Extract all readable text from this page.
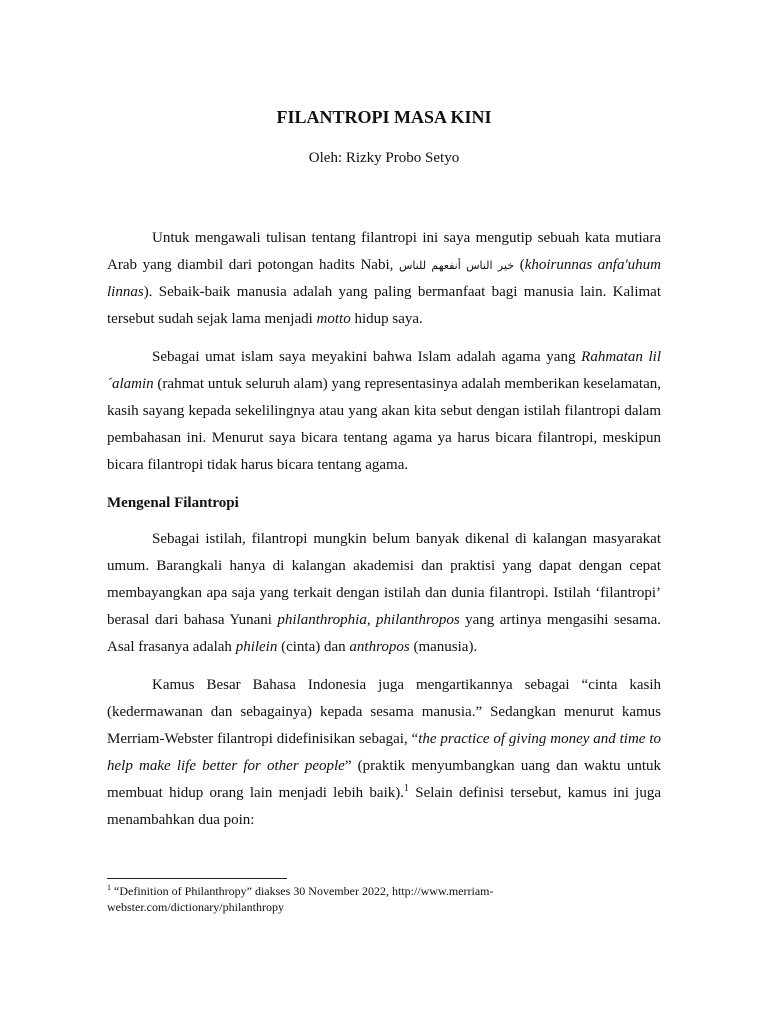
FILANTROPI MASA KINI
Oleh: Rizky Probo Setyo

Untuk mengawali tulisan tentang filantropi ini saya mengutip sebuah kata mutiara Arab yang diambil dari potongan hadits Nabi, خير الناس أنفعهم للناس (khoirunnas anfa'uhum linnas). Sebaik-baik manusia adalah yang paling bermanfaat bagi manusia lain. Kalimat tersebut sudah sejak lama menjadi motto hidup saya.

Sebagai umat islam saya meyakini bahwa Islam adalah agama yang Rahmatan lil ´alamin (rahmat untuk seluruh alam) yang representasinya adalah memberikan keselamatan, kasih sayang kepada sekelilingnya atau yang akan kita sebut dengan istilah filantropi dalam pembahasan ini. Menurut saya bicara tentang agama ya harus bicara filantropi, meskipun bicara filantropi tidak harus bicara tentang agama.

Mengenal Filantropi

Sebagai istilah, filantropi mungkin belum banyak dikenal di kalangan masyarakat umum. Barangkali hanya di kalangan akademisi dan praktisi yang dapat dengan cepat membayangkan apa saja yang terkait dengan istilah dan dunia filantropi. Istilah ‘filantropi’ berasal dari bahasa Yunani philanthrophia, philanthropos yang artinya mengasihi sesama. Asal frasanya adalah philein (cinta) dan anthropos (manusia).

Kamus Besar Bahasa Indonesia juga mengartikannya sebagai “cinta kasih (kedermawanan dan sebagainya) kepada sesama manusia.” Sedangkan menurut kamus Merriam-Webster filantropi didefinisikan sebagai, “the practice of giving money and time to help make life better for other people” (praktik menyumbangkan uang dan waktu untuk membuat hidup orang lain menjadi lebih baik).$^1$ Selain definisi tersebut, kamus ini juga menambahkan dua poin:

$^1$ “Definition of Philanthropy” diakses 30 November 2022, http://www.merriam-webster.com/dictionary/philanthropy
